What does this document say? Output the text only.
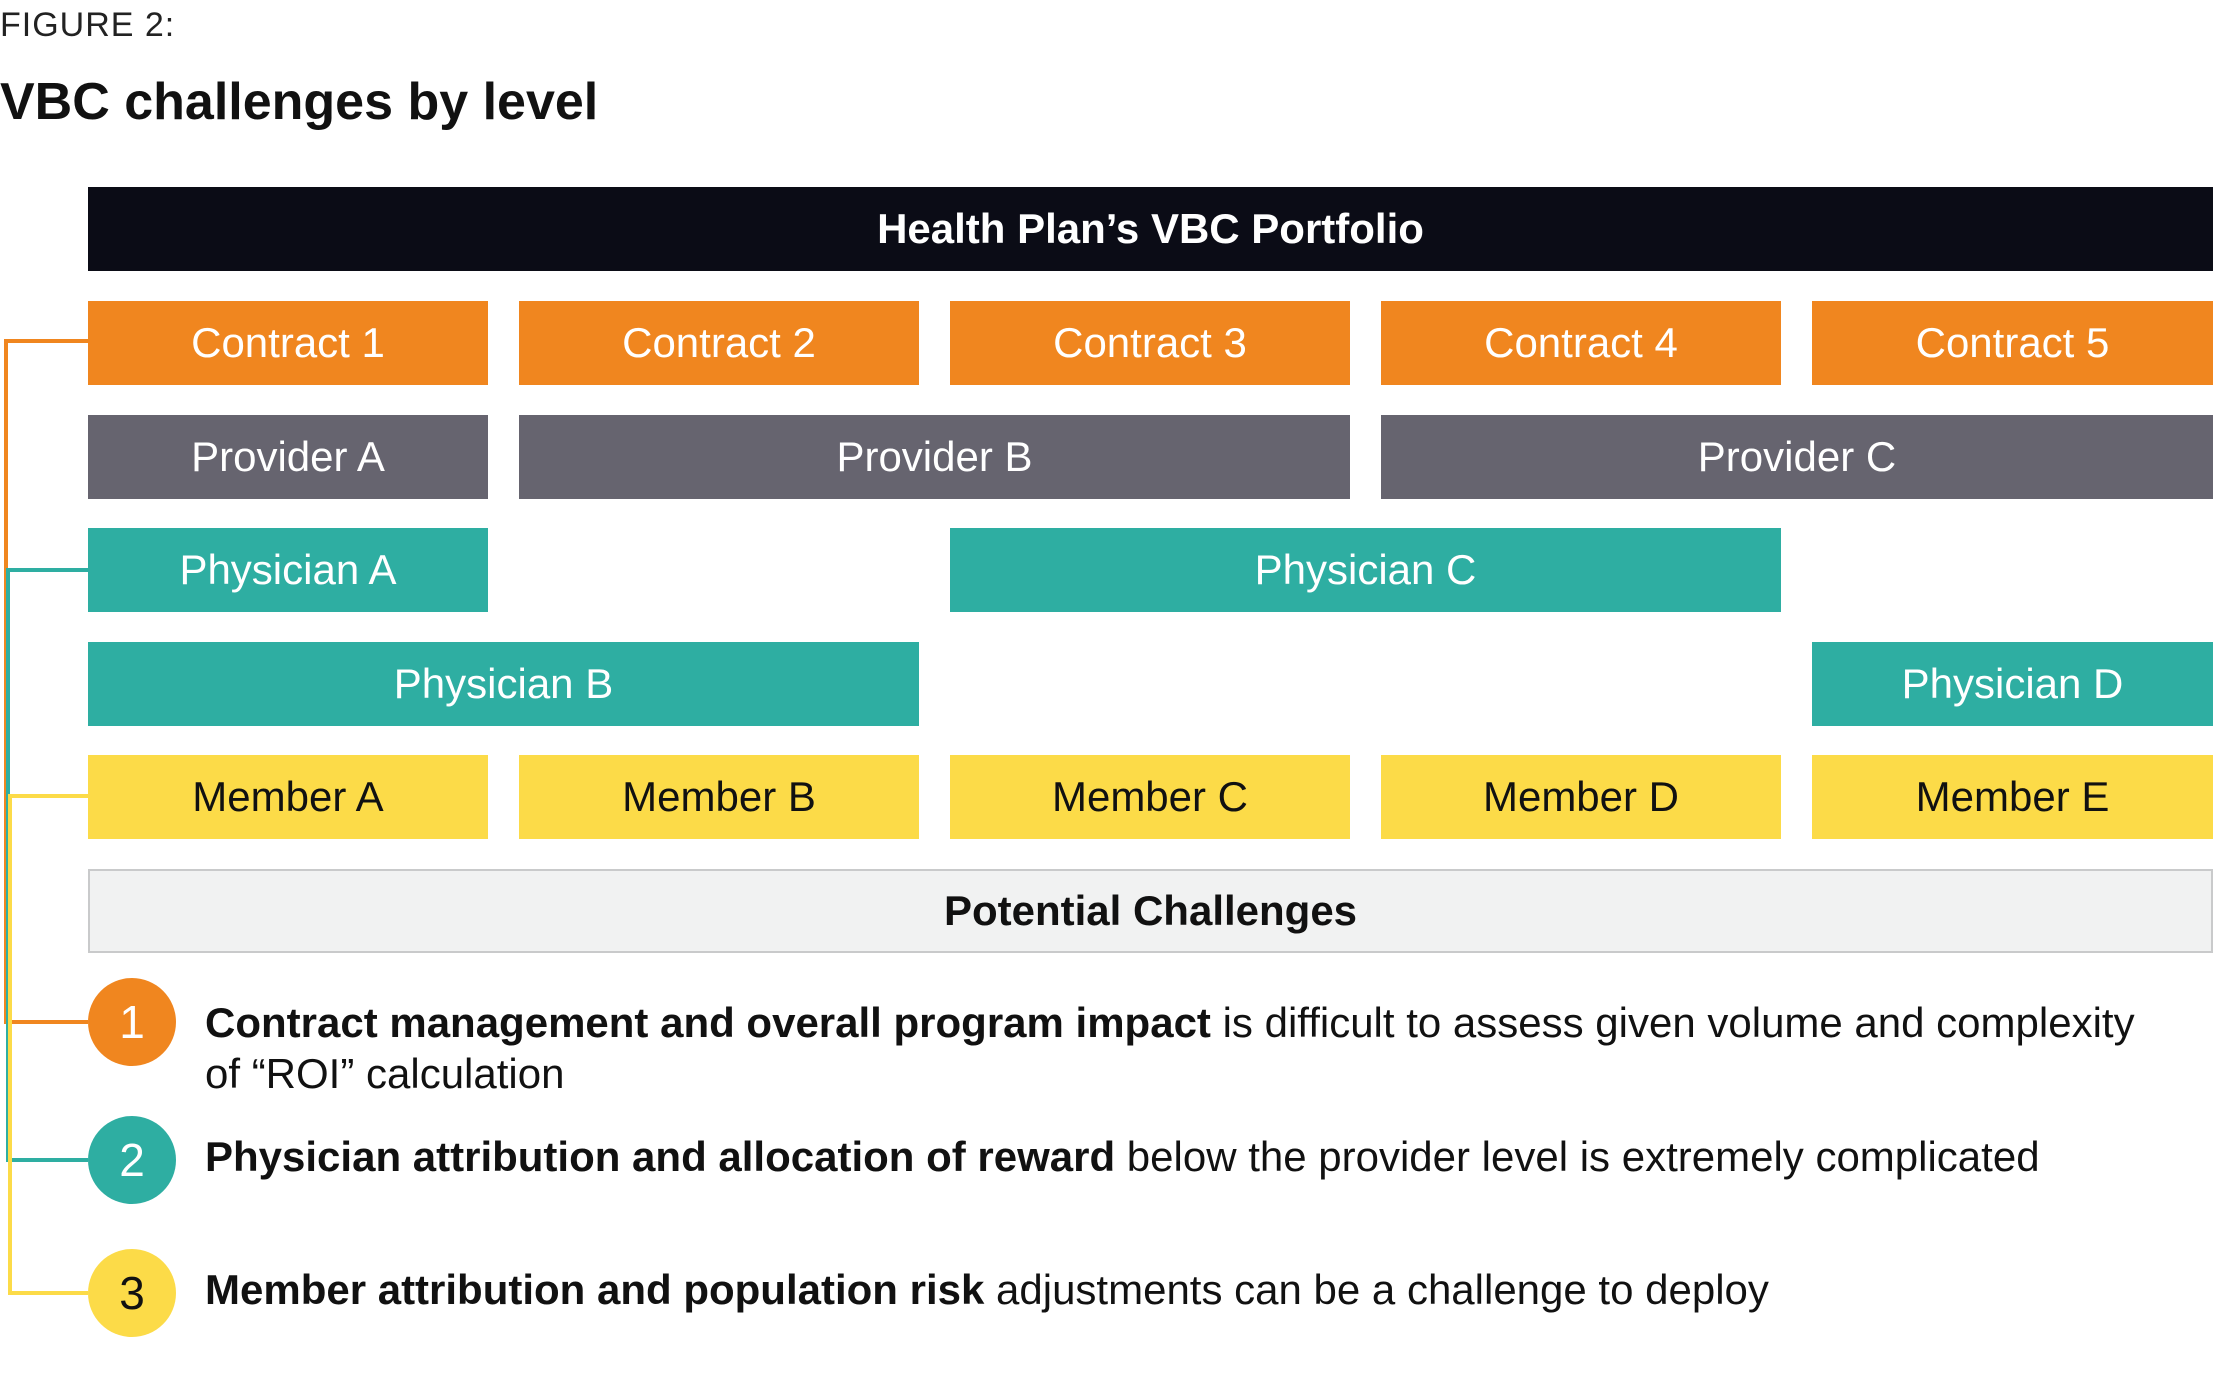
FIGURE 2:
VBC challenges by level
Health Plan’s VBC Portfolio
Contract 1	Contract 2	Contract 3	Contract 4	Contract 5
Provider A	Provider B	Provider C
Physician A	Physician C
Physician B	Physician D
Member A	Member B	Member C	Member D	Member E
Potential Challenges
1	Contract management and overall program impact is difficult to assess given volume and complexity of “ROI” calculation
2	Physician attribution and allocation of reward below the provider level is extremely complicated
3	Member attribution and population risk adjustments can be a challenge to deploy
